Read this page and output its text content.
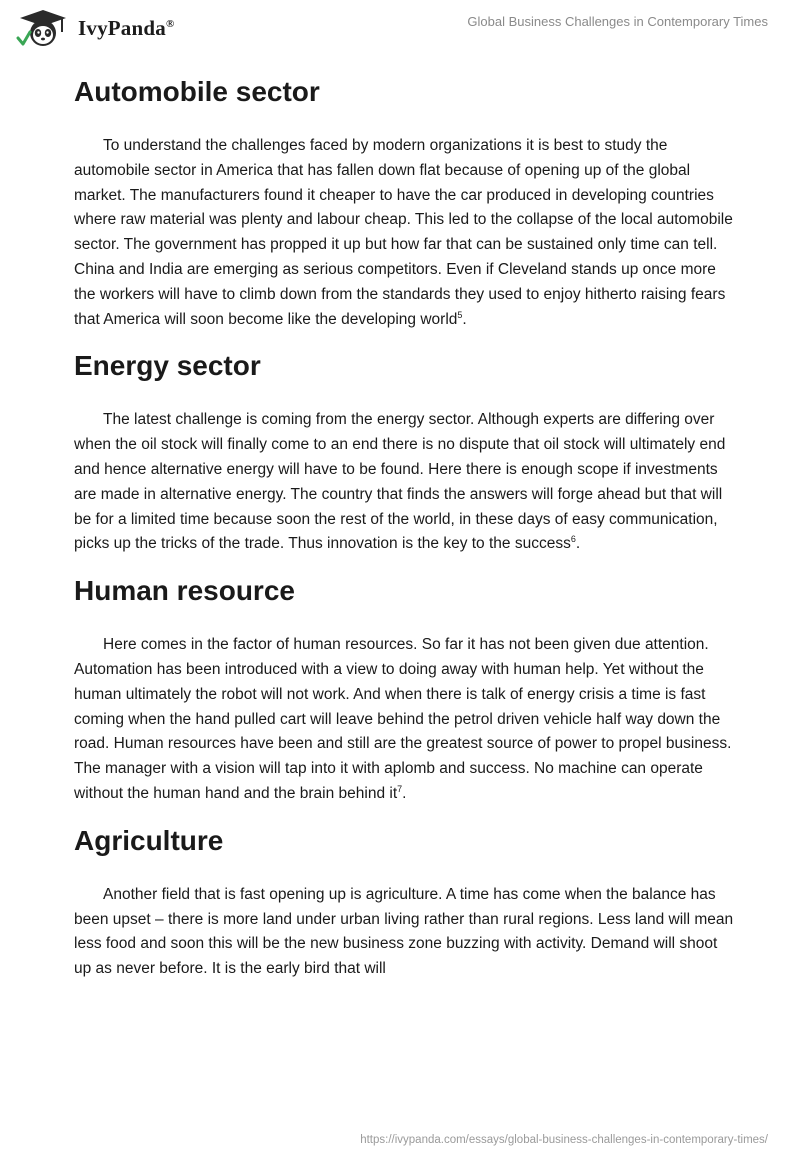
IvyPanda®	Global Business Challenges in Contemporary Times
Automobile sector

To understand the challenges faced by modern organizations it is best to study the automobile sector in America that has fallen down flat because of opening up of the global market. The manufacturers found it cheaper to have the car produced in developing countries where raw material was plenty and labour cheap. This led to the collapse of the local automobile sector. The government has propped it up but how far that can be sustained only time can tell. China and India are emerging as serious competitors. Even if Cleveland stands up once more the workers will have to climb down from the standards they used to enjoy hitherto raising fears that America will soon become like the developing world$^5$.

Energy sector

The latest challenge is coming from the energy sector. Although experts are differing over when the oil stock will finally come to an end there is no dispute that oil stock will ultimately end and hence alternative energy will have to be found. Here there is enough scope if investments are made in alternative energy. The country that finds the answers will forge ahead but that will be for a limited time because soon the rest of the world, in these days of easy communication, picks up the tricks of the trade. Thus innovation is the key to the success$^6$.

Human resource

Here comes in the factor of human resources. So far it has not been given due attention. Automation has been introduced with a view to doing away with human help. Yet without the human ultimately the robot will not work. And when there is talk of energy crisis a time is fast coming when the hand pulled cart will leave behind the petrol driven vehicle half way down the road. Human resources have been and still are the greatest source of power to propel business. The manager with a vision will tap into it with aplomb and success. No machine can operate without the human hand and the brain behind $it^7$.

Agriculture

Another field that is fast opening up is agriculture. A time has come when the balance has been upset – there is more land under urban living rather than rural regions. Less land will mean less food and soon this will be the new business zone buzzing with activity. Demand will shoot up as never before. It is the early bird that will

https://ivypanda.com/essays/global-business-challenges-in-contemporary-times/
